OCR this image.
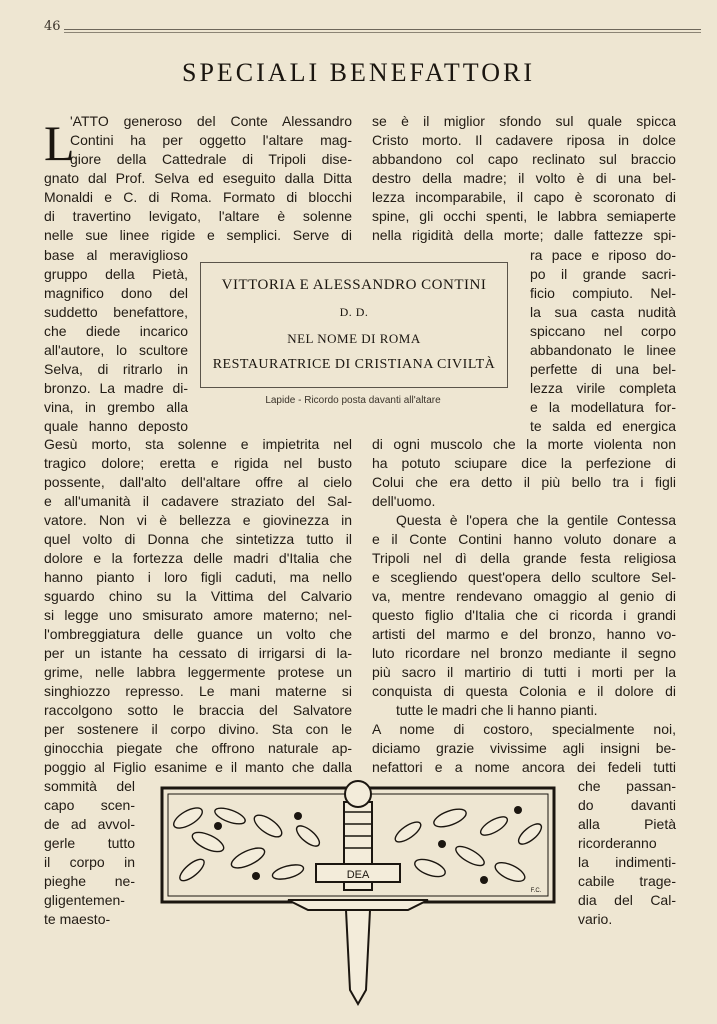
46
SPECIALI BENEFATTORI
L
'ATTO generoso del Conte Alessandro
Contini ha per oggetto l'altare mag-
giore della Cattedrale di Tripoli dise-
gnato dal Prof. Selva ed eseguito dalla Ditta
Monaldi e C. di Roma. Formato di blocchi
di travertino levigato, l'altare è solenne
nelle sue linee rigide e semplici. Serve di
base al meraviglioso
gruppo della Pietà,
magnifico dono del
suddetto benefattore,
che diede incarico
all'autore, lo scultore
Selva, di ritrarlo in
bronzo. La madre di-
vina, in grembo alla
quale hanno deposto
Gesù morto, sta solenne e impietrita nel
tragico dolore; eretta e rigida nel busto
possente, dall'alto dell'altare offre al cielo
e all'umanità il cadavere straziato del Sal-
vatore. Non vi è bellezza e giovinezza in
quel volto di Donna che sintetizza tutto il
dolore e la fortezza delle madri d'Italia che
hanno pianto i loro figli caduti, ma nello
sguardo chino su la Vittima del Calvario
si legge uno smisurato amore materno; nel-
l'ombreggiatura delle guance un volto che
per un istante ha cessato di irrigarsi di la-
grime, nelle labbra leggermente protese un
singhiozzo represso. Le mani materne si
raccolgono sotto le braccia del Salvatore
per sostenere il corpo divino. Sta con le
ginocchia piegate che offrono naturale ap-
poggio al Figlio esanime e il manto che dalla
sommità del
capo scen-
de ad avvol-
gerle tutto
il corpo in
pieghe ne-
gligentemen-
te maesto-
se è il miglior sfondo sul quale spicca
Cristo morto. Il cadavere riposa in dolce
abbandono col capo reclinato sul braccio
destro della madre; il volto è di una bel-
lezza incomparabile, il capo è scoronato di
spine, gli occhi spenti, le labbra semiaperte
nella rigidità della morte; dalle fattezze spi-
ra pace e riposo do-
po il grande sacri-
ficio compiuto. Nel-
la sua casta nudità
spiccano nel corpo
abbandonato le linee
perfette di una bel-
lezza virile completa
e la modellatura for-
te salda ed energica
di ogni muscolo che la morte violenta non
ha potuto sciupare dice la perfezione di
Colui che era detto il più bello tra i figli
dell'uomo.
Questa è l'opera che la gentile Contessa
e il Conte Contini hanno voluto donare a
Tripoli nel dì della grande festa religiosa
e scegliendo quest'opera dello scultore Sel-
va, mentre rendevano omaggio al genio di
questo figlio d'Italia che ci ricorda i grandi
artisti del marmo e del bronzo, hanno vo-
luto ricordare nel bronzo mediante il segno
più sacro il martirio di tutti i morti per la
conquista di questa Colonia e il dolore di
tutte le madri che li hanno pianti.
A nome di costoro, specialmente noi,
diciamo grazie vivissime agli insigni be-
nefattori e a nome ancora dei fedeli tutti
che passan-
do davanti
alla Pietà
ricorderanno
la indimenti-
cabile trage-
dia del Cal-
vario.
VITTORIA E ALESSANDRO CONTINI
D. D.
NEL NOME DI ROMA
RESTAURATRICE DI CRISTIANA CIVILTÀ
Lapide - Ricordo posta davanti all'altare
DEA
F.C.
